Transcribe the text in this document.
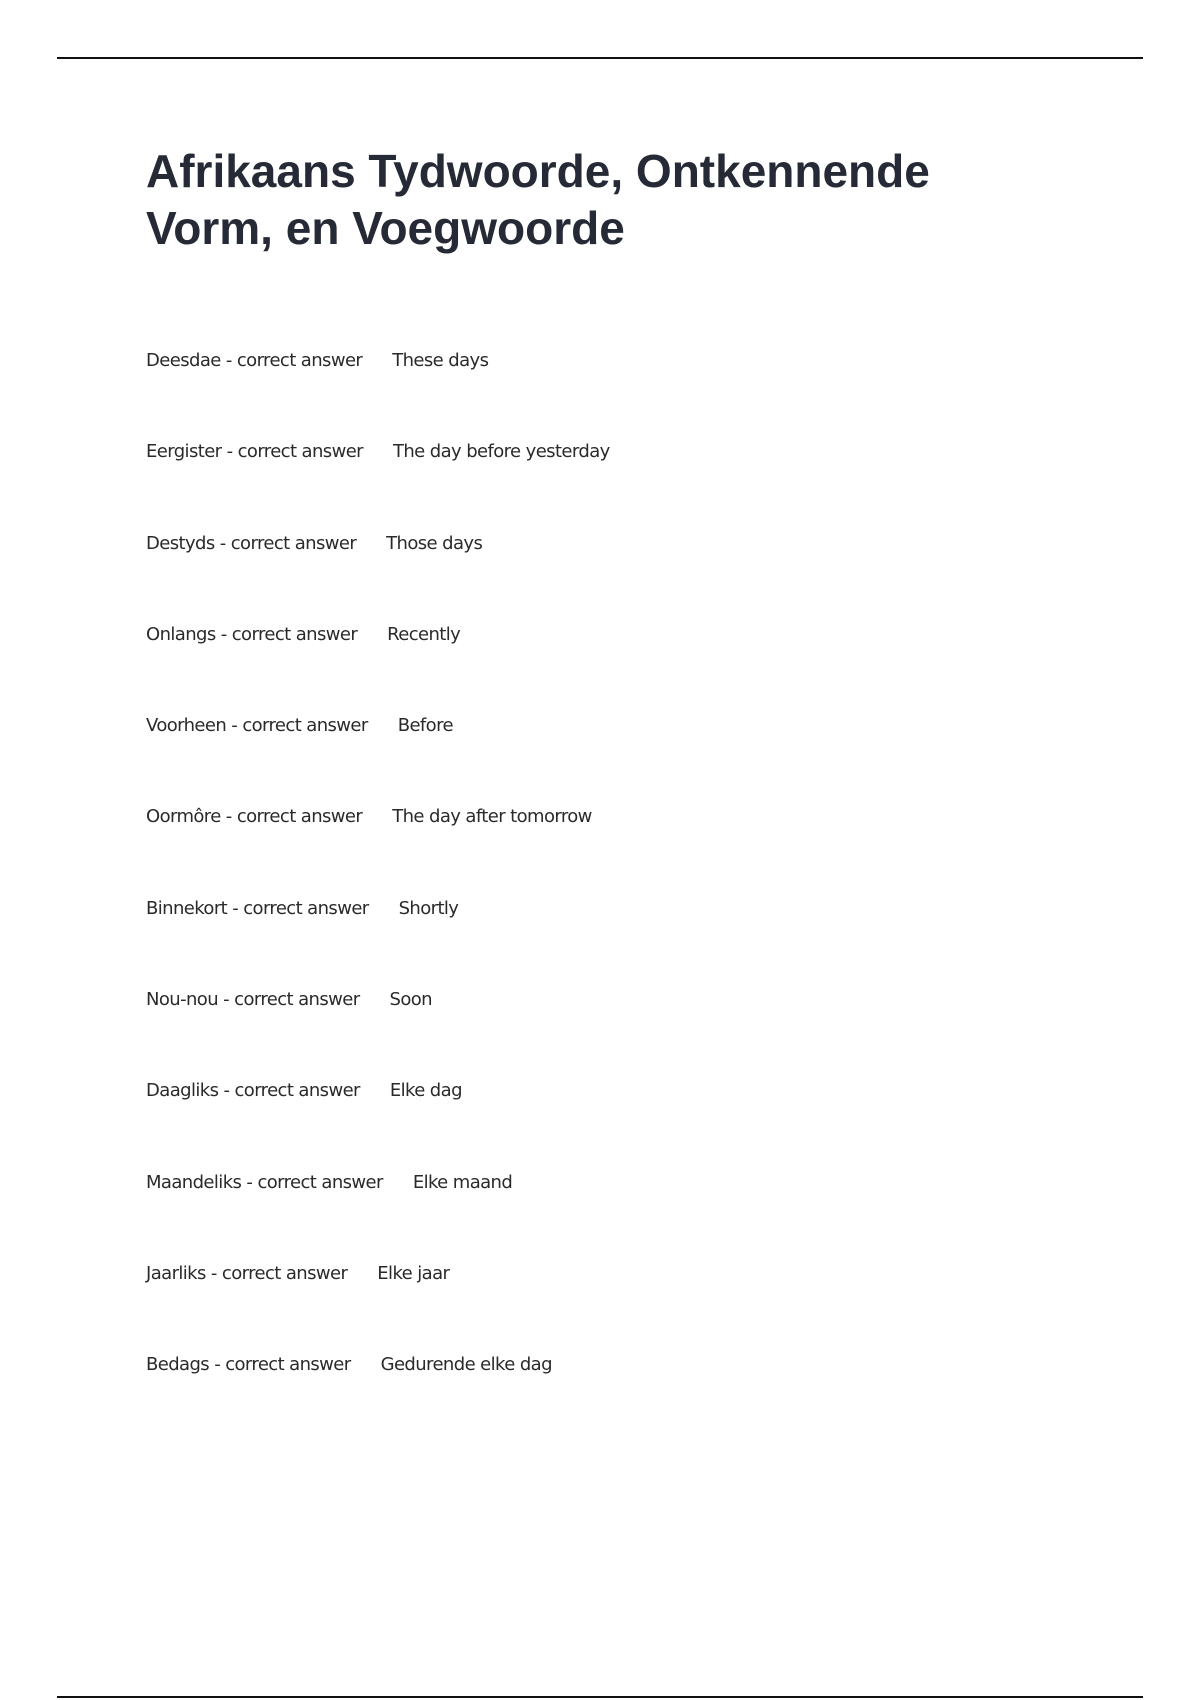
Afrikaans Tydwoorde, Ontkennende Vorm, en Voegwoorde
Deesdae - correct answer These days
Eergister - correct answer The day before yesterday
Destyds - correct answer Those days
Onlangs - correct answer Recently
Voorheen - correct answer Before
Oormôre - correct answer The day after tomorrow
Binnekort - correct answer Shortly
Nou-nou - correct answer Soon
Daagliks - correct answer Elke dag
Maandeliks - correct answer Elke maand
Jaarliks - correct answer Elke jaar
Bedags - correct answer Gedurende elke dag
